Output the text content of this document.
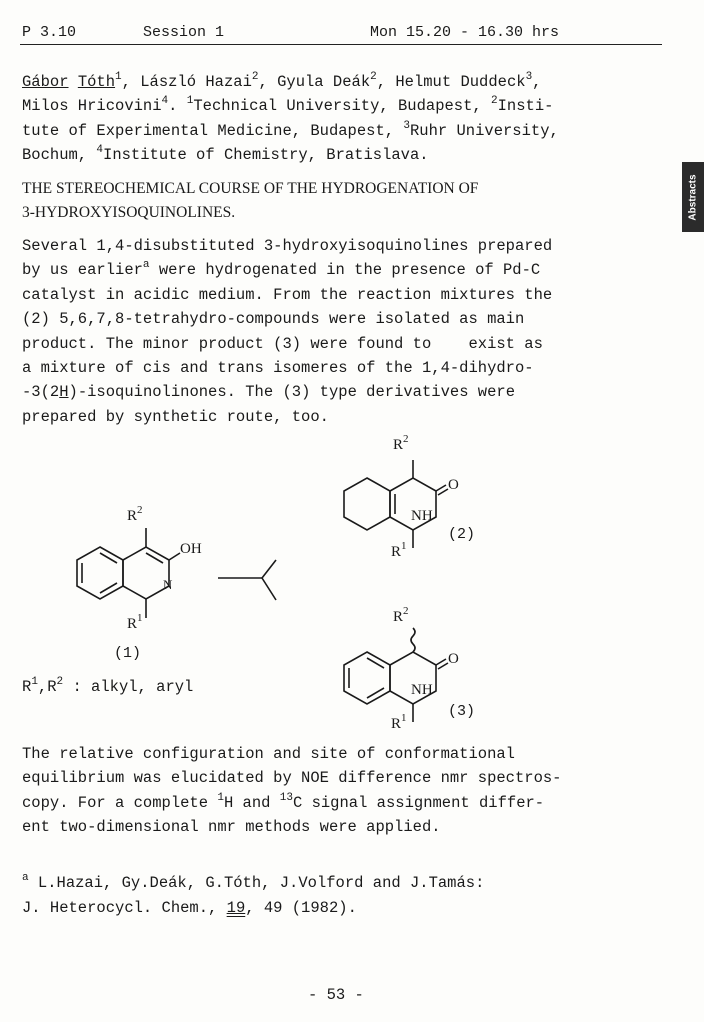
P 3.10	Session 1	Mon 15.20 - 16.30 hrs
Abstracts
Gábor Tóth$^1$, László Hazai$^2$, Gyula Deák$^2$, Helmut Duddeck$^3$,
Milos Hricovini$^4$. $^1$Technical University, Budapest, $^2$Insti-
tute of Experimental Medicine, Budapest, $^3$Ruhr University,
Bochum, $^4$Institute of Chemistry, Bratislava.
THE STEREOCHEMICAL COURSE OF THE HYDROGENATION OF
3-HYDROXYISOQUINOLINES.
Several 1,4-disubstituted 3-hydroxyisoquinolines prepared
by us earlier$^a$ were hydrogenated in the presence of Pd-C
catalyst in acidic medium. From the reaction mixtures the
(2) 5,6,7,8-tetrahydro-compounds were isolated as main
product. The minor product (3) were found to    exist as
a mixture of cis and trans isomeres of the 1,4-dihydro-
-3(2H)-isoquinolinones. The (3) type derivatives were
prepared by synthetic route, too.
$R^2$
OH
N
$R^1$
(1)
$R^1,R^2$ : alkyl, aryl
$R^2$
O
NH
$R^1$
(2)
$R^2$
O
NH
$R^1$	(3)
The relative configuration and site of conformational
equilibrium was elucidated by NOE difference nmr spectros-
copy. For a complete $^1$H and $^{13}$C signal assignment differ-
ent two-dimensional nmr methods were applied.
$^a$ L.Hazai, Gy.Deák, G.Tóth, J.Volford and J.Tamás:
J. Heterocycl. Chem., 19, 49 (1982).
- 53 -
